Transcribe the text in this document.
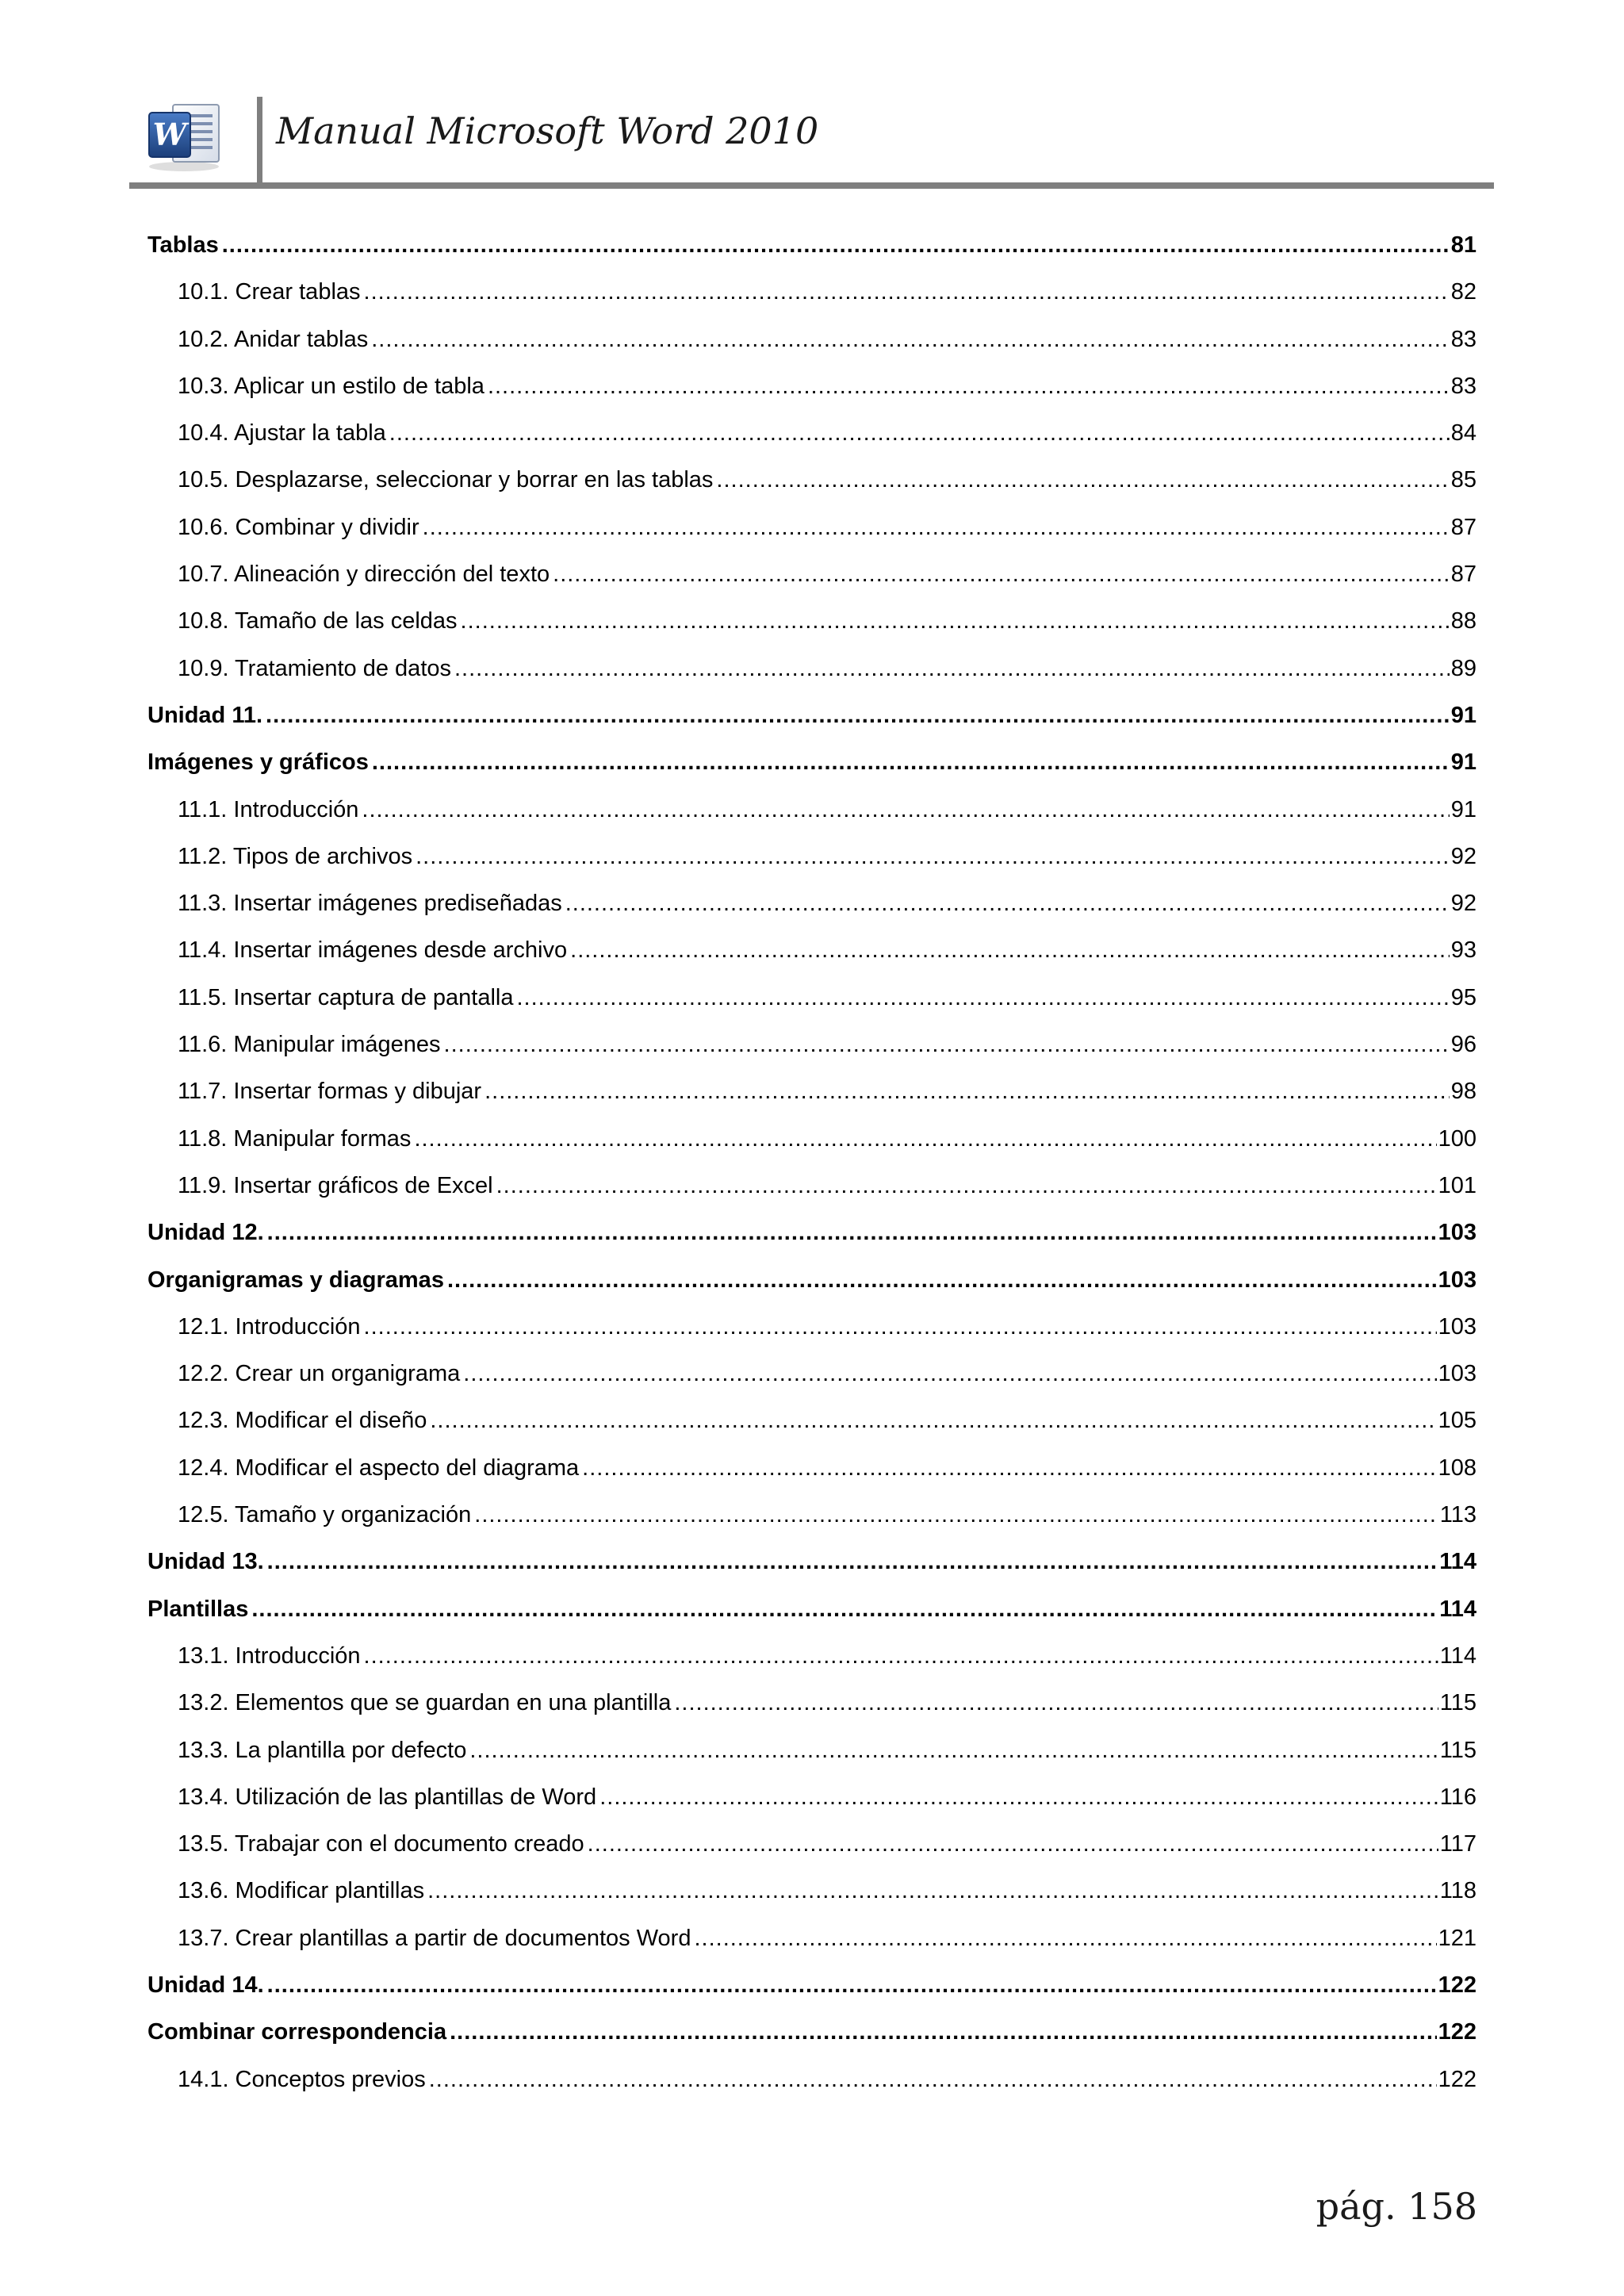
W Manual Microsoft Word 2010
Tablas .....	81
10.1. Crear tablas .....	82
10.2. Anidar tablas .....	83
10.3. Aplicar un estilo de tabla .....	83
10.4. Ajustar la tabla .....	84
10.5. Desplazarse, seleccionar y borrar en las tablas .....	85
10.6. Combinar y dividir .....	87
10.7. Alineación y dirección del texto .....	87
10.8. Tamaño de las celdas .....	88
10.9. Tratamiento de datos .....	89
Unidad 11. .....	91
Imágenes y gráficos .....	91
11.1. Introducción .....	91
11.2. Tipos de archivos .....	92
11.3. Insertar imágenes prediseñadas .....	92
11.4. Insertar imágenes desde archivo .....	93
11.5. Insertar captura de pantalla .....	95
11.6. Manipular imágenes .....	96
11.7. Insertar formas y dibujar .....	98
11.8. Manipular formas .....	100
11.9. Insertar gráficos de Excel .....	101
Unidad 12. .....	103
Organigramas y diagramas .....	103
12.1. Introducción .....	103
12.2. Crear un organigrama .....	103
12.3. Modificar el diseño .....	105
12.4. Modificar el aspecto del diagrama .....	108
12.5. Tamaño y organización .....	113
Unidad 13. .....	114
Plantillas .....	114
13.1. Introducción .....	114
13.2. Elementos que se guardan en una plantilla .....	115
13.3. La plantilla por defecto .....	115
13.4. Utilización de las plantillas de Word .....	116
13.5. Trabajar con el documento creado .....	117
13.6. Modificar plantillas .....	118
13.7. Crear plantillas a partir de documentos Word .....	121
Unidad 14. .....	122
Combinar correspondencia .....	122
14.1. Conceptos previos .....	122
pág. 158
